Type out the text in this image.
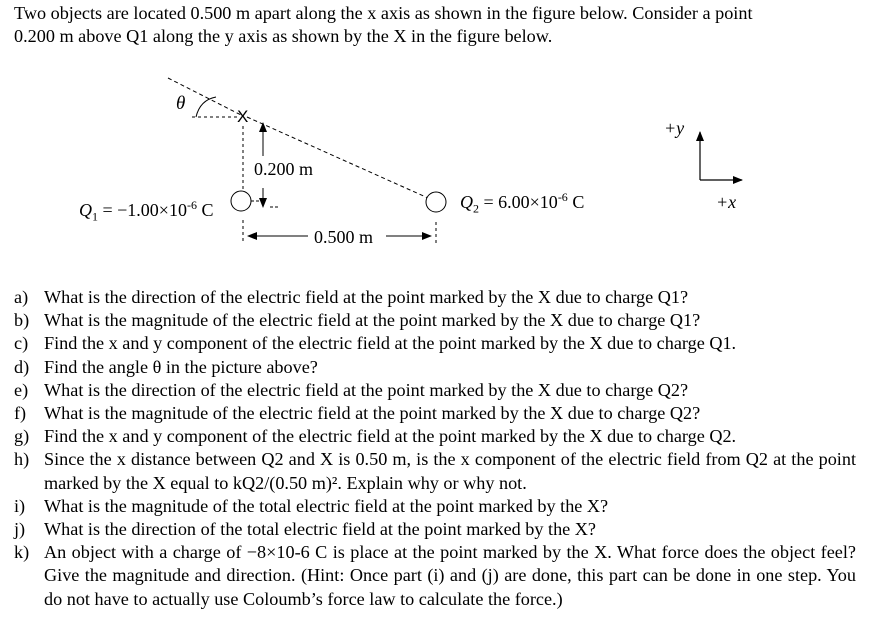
Two objects are located 0.500 m apart along the x axis as shown in the figure below. Consider a point
0.200 m above Q1 along the y axis as shown by the X in the figure below.
θ
X
0.200 m
0.500 m
$Q_1 = -1.00\times 10^{-6}$ C	$Q_2 = 6.00\times 10^{-6}$ C
+y
+x
a) What is the direction of the electric field at the point marked by the X due to charge Q1?
b) What is the magnitude of the electric field at the point marked by the X due to charge Q1?
c) Find the x and y component of the electric field at the point marked by the X due to charge Q1.
d) Find the angle θ in the picture above?
e) What is the direction of the electric field at the point marked by the X due to charge Q2?
f) What is the magnitude of the electric field at the point marked by the X due to charge Q2?
g) Find the x and y component of the electric field at the point marked by the X due to charge Q2.
h) Since the x distance between Q2 and X is 0.50 m, is the x component of the electric field from Q2 at the point marked by the X equal to kQ2/(0.50 m)². Explain why or why not.
i) What is the magnitude of the total electric field at the point marked by the X?
j) What is the direction of the total electric field at the point marked by the X?
k) An object with a charge of −8×10-6 C is place at the point marked by the X. What force does the object feel? Give the magnitude and direction. (Hint: Once part (i) and (j) are done, this part can be done in one step. You do not have to actually use Coloumb’s force law to calculate the force.)
